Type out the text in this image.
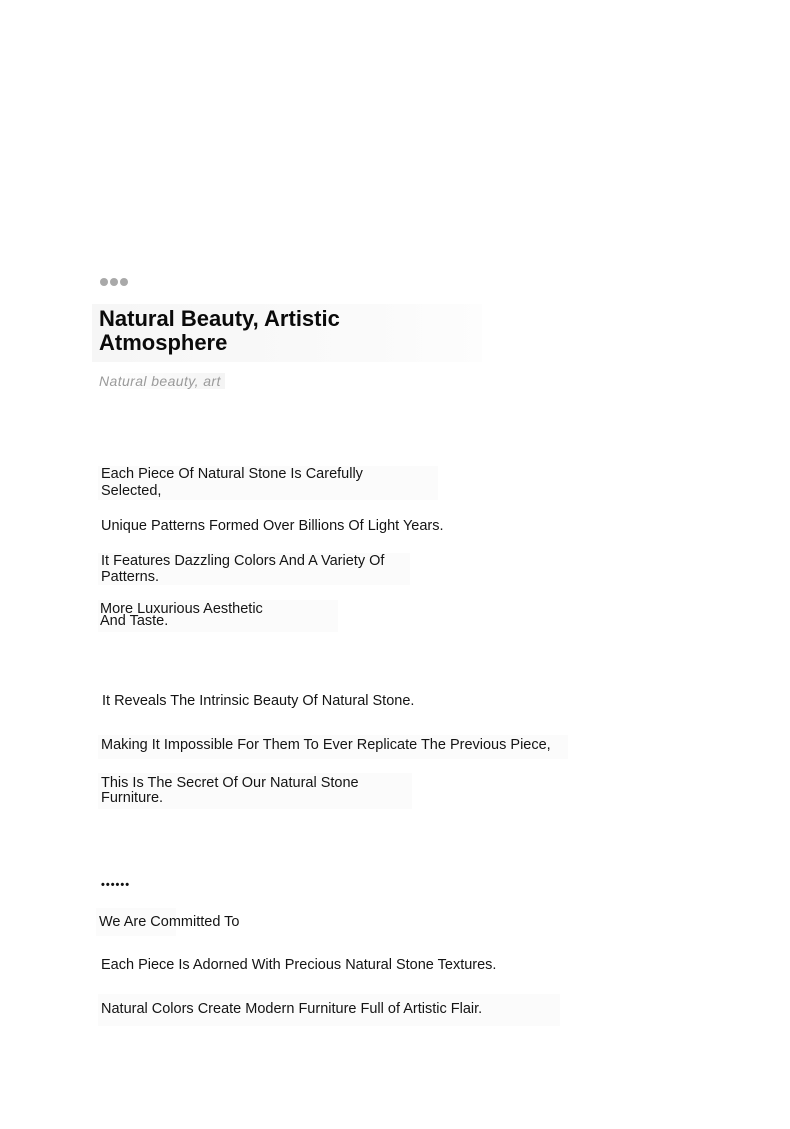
Natural Beauty, Artistic Atmosphere

Natural beauty, art

Each Piece Of Natural Stone Is Carefully Selected,

Unique Patterns Formed Over Billions Of Light Years.

It Features Dazzling Colors And A Variety Of Patterns.

More Luxurious Aesthetic And Taste.

It Reveals The Intrinsic Beauty Of Natural Stone.

Making It Impossible For Them To Ever Replicate The Previous Piece,

This Is The Secret Of Our Natural Stone Furniture.

••••••

We Are Committed To

Each Piece Is Adorned With Precious Natural Stone Textures.

Natural Colors Create Modern Furniture Full of Artistic Flair.
